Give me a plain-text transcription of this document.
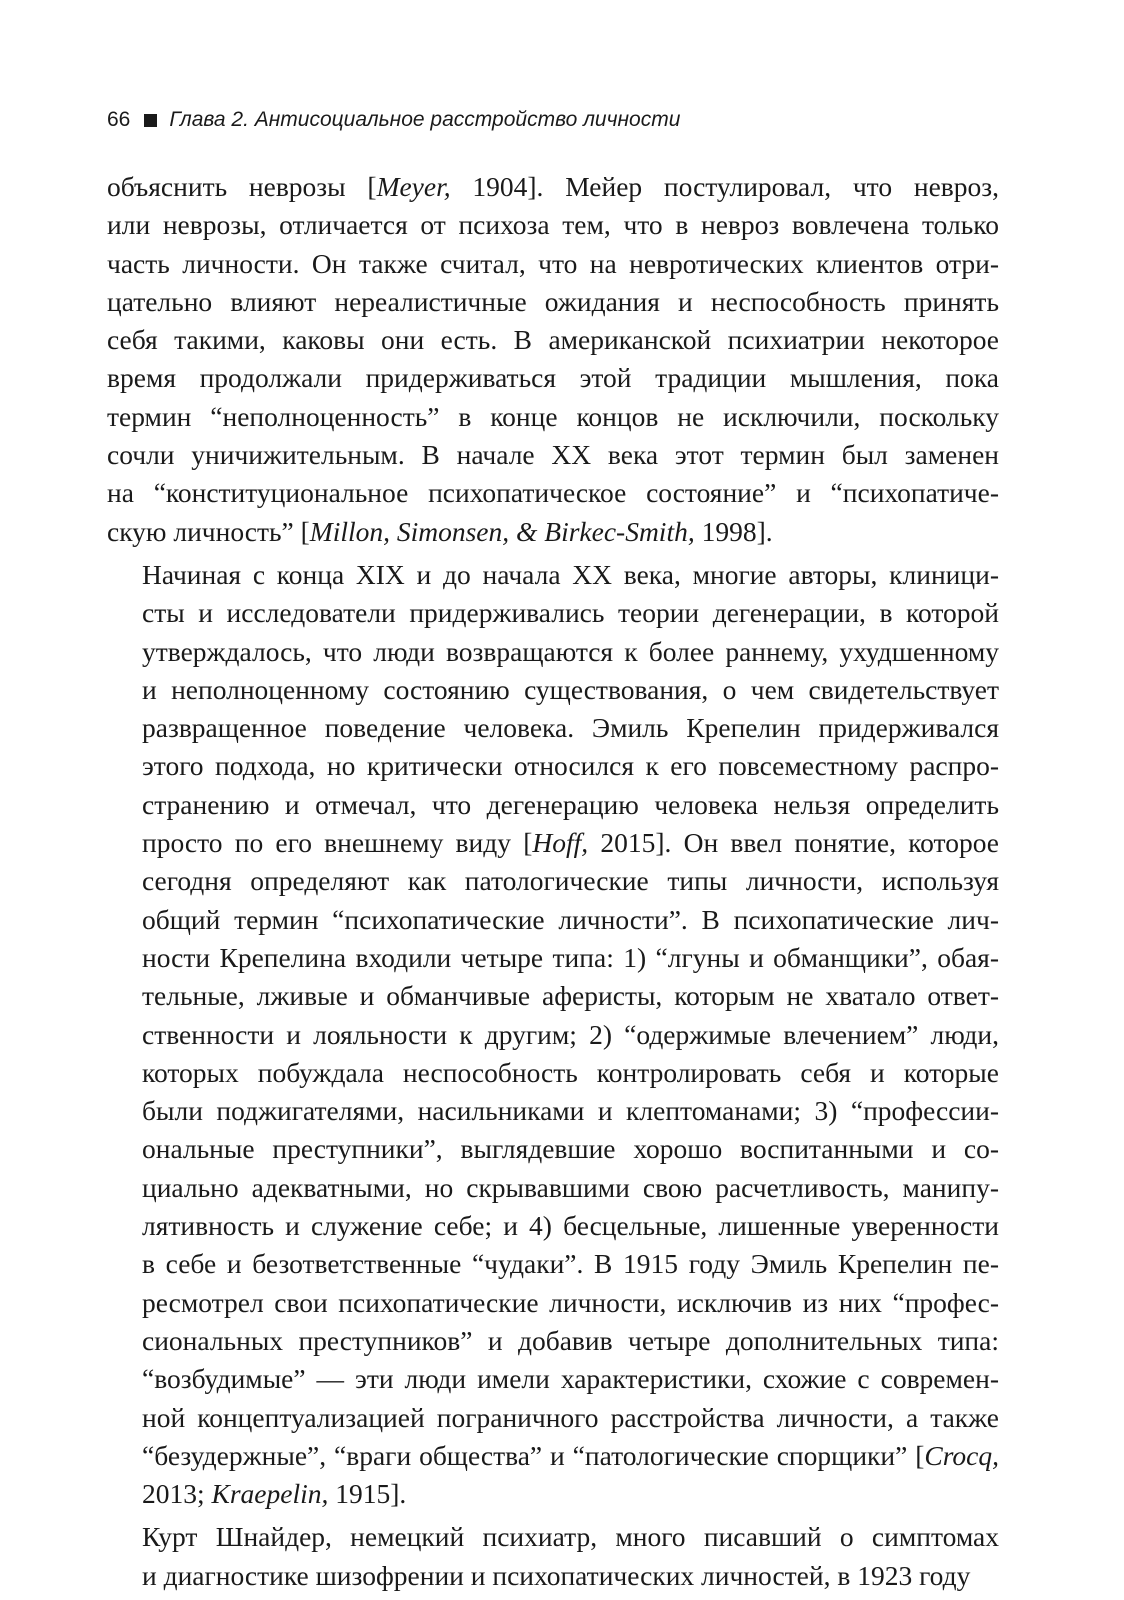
66 Глава 2. Антисоциальное расстройство личности

объяснить неврозы [Meyer, 1904]. Мейер постулировал, что невроз,
или неврозы, отличается от психоза тем, что в невроз вовлечена только
часть личности. Он также считал, что на невротических клиентов отри-
цательно влияют нереалистичные ожидания и неспособность принять
себя такими, каковы они есть. В американской психиатрии некоторое
время продолжали придерживаться этой традиции мышления, пока
термин “неполноценность” в конце концов не исключили, поскольку
сочли уничижительным. В начале XX века этот термин был заменен
на “конституциональное психопатическое состояние” и “психопатиче-
скую личность” [Millon, Simonsen, & Birkec-Smith, 1998].

Начиная с конца XIX и до начала XX века, многие авторы, клиници-
сты и исследователи придерживались теории дегенерации, в которой
утверждалось, что люди возвращаются к более раннему, ухудшенному
и неполноценному состоянию существования, о чем свидетельствует
развращенное поведение человека. Эмиль Крепелин придерживался
этого подхода, но критически относился к его повсеместному распро-
странению и отмечал, что дегенерацию человека нельзя определить
просто по его внешнему виду [Hoff, 2015]. Он ввел понятие, которое
сегодня определяют как патологические типы личности, используя
общий термин “психопатические личности”. В психопатические лич-
ности Крепелина входили четыре типа: 1) “лгуны и обманщики”, обая-
тельные, лживые и обманчивые аферисты, которым не хватало ответ-
ственности и лояльности к другим; 2) “одержимые влечением” люди,
которых побуждала неспособность контролировать себя и которые
были поджигателями, насильниками и клептоманами; 3) “профессии-
ональные преступники”, выглядевшие хорошо воспитанными и со-
циально адекватными, но скрывавшими свою расчетливость, манипу-
лятивность и служение себе; и 4) бесцельные, лишенные уверенности
в себе и безответственные “чудаки”. В 1915 году Эмиль Крепелин пе-
ресмотрел свои психопатические личности, исключив из них “профес-
сиональных преступников” и добавив четыре дополнительных типа:
“возбудимые” — эти люди имели характеристики, схожие с современ-
ной концептуализацией пограничного расстройства личности, а также
“безудержные”, “враги общества” и “патологические спорщики” [Crocq,
2013; Kraepelin, 1915].

Курт Шнайдер, немецкий психиатр, много писавший о симптомах
и диагностике шизофрении и психопатических личностей, в 1923 году
